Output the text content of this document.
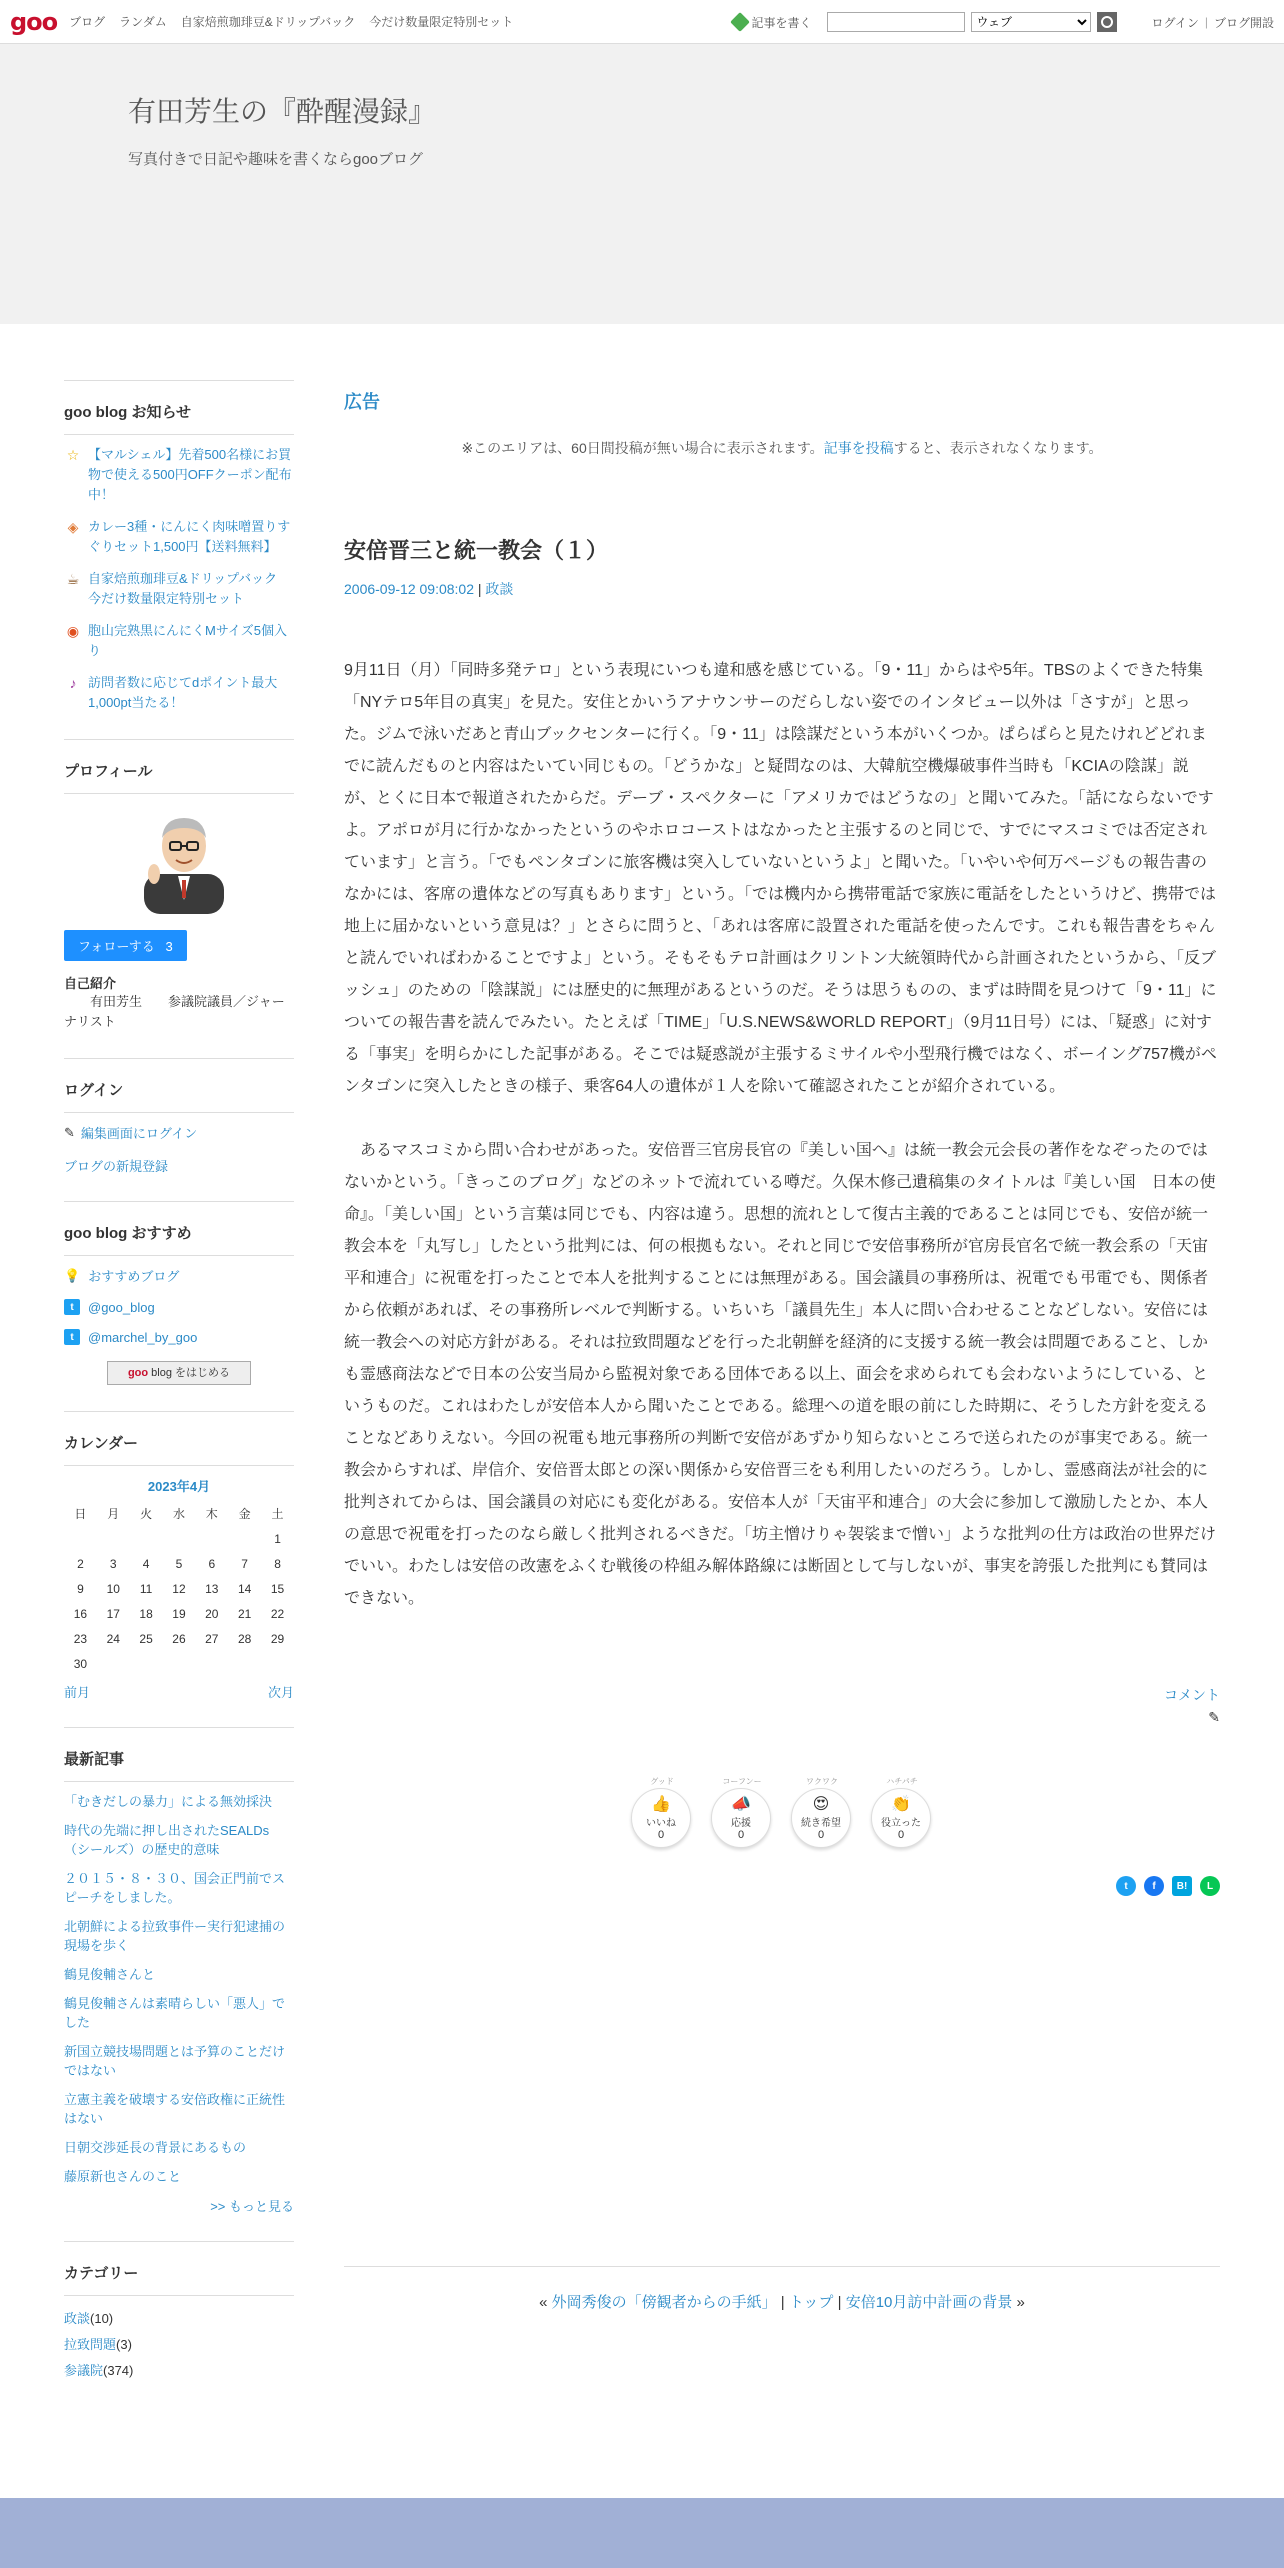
goo ブログ ランダム 自家焙煎珈琲豆&ドリップバック 今だけ数量限定特別セット	記事を書く
ウェブ	ログイン | ブログ開設
有田芳生の『酔醒漫録』
写真付きで日記や趣味を書くならgooブログ
goo blog お知らせ
☆ 【マルシェル】先着500名様にお買物で使える500円OFFクーポン配布中！
◈ カレー3種・にんにく肉味噌置りすぐりセット1,500円【送料無料】
☕ 自家焙煎珈琲豆&ドリップバック　今だけ数量限定特別セット
◉ 胞山完熟黒にんにくMサイズ5個入り
♪ 訪問者数に応じてdポイント最大1,000pt当たる！
プロフィール
フォローする 3
自己紹介
　　有田芳生　　参議院議員／ジャーナリスト
ログイン
✎ 編集画面にログイン
ブログの新規登録
goo blog おすすめ
💡 おすすめブログ
t	@goo_blog
t	@marchel_by_goo
goo blog をはじめる
カレンダー
2023年4月
日	月	火	水	木	金	土
						1
2	3	4	5	6	7	8
9	10	11	12	13	14	15
16	17	18	19	20	21	22
23	24	25	26	27	28	29
30						
前月	次月
最新記事
「むきだしの暴力」による無効採決
時代の先端に押し出されたSEALDs（シールズ）の歴史的意味
２０１５・８・３０、国会正門前でスピーチをしました。
北朝鮮による拉致事件ー実行犯逮捕の現場を歩く
鶴見俊輔さんと
鶴見俊輔さんは素晴らしい「悪人」でした
新国立競技場問題とは予算のことだけではない
立憲主義を破壊する安倍政権に正統性はない
日朝交渉延長の背景にあるもの
藤原新也さんのこと
>> もっと見る
カテゴリー
政談(10)
拉致問題(3)
参議院(374)
広告
※このエリアは、60日間投稿が無い場合に表示されます。記事を投稿すると、表示されなくなります。
安倍晋三と統一教会（１）
2006-09-12 09:08:02 | 政談

9月11日（月）「同時多発テロ」という表現にいつも違和感を感じている。「9・11」からはや5年。TBSのよくできた特集「NYテロ5年目の真実」を見た。安住とかいうアナウンサーのだらしない姿でのインタビュー以外は「さすが」と思った。ジムで泳いだあと青山ブックセンターに行く。「9・11」は陰謀だという本がいくつか。ぱらぱらと見たけれどどれまでに読んだものと内容はたいてい同じもの。「どうかな」と疑問なのは、大韓航空機爆破事件当時も「KCIAの陰謀」説が、とくに日本で報道されたからだ。デーブ・スペクターに「アメリカではどうなの」と聞いてみた。「話にならないですよ。アポロが月に行かなかったというのやホロコーストはなかったと主張するのと同じで、すでにマスコミでは否定されています」と言う。「でもペンタゴンに旅客機は突入していないというよ」と聞いた。「いやいや何万ページもの報告書のなかには、客席の遺体などの写真もあります」という。「では機内から携帯電話で家族に電話をしたというけど、携帯では地上に届かないという意見は？」とさらに問うと、「あれは客席に設置された電話を使ったんです。これも報告書をちゃんと読んでいればわかることですよ」という。そもそもテロ計画はクリントン大統領時代から計画されたというから、「反ブッシュ」のための「陰謀説」には歴史的に無理があるというのだ。そうは思うものの、まずは時間を見つけて「9・11」についての報告書を読んでみたい。たとえば「TIME」「U.S.NEWS&WORLD REPORT」（9月11日号）には、「疑惑」に対する「事実」を明らかにした記事がある。そこでは疑惑説が主張するミサイルや小型飛行機ではなく、ボーイング757機がペンタゴンに突入したときの様子、乗客64人の遺体が１人を除いて確認されたことが紹介されている。

　あるマスコミから問い合わせがあった。安倍晋三官房長官の『美しい国へ』は統一教会元会長の著作をなぞったのではないかという。「きっこのブログ」などのネットで流れている噂だ。久保木修己遺稿集のタイトルは『美しい国　日本の使命』。「美しい国」という言葉は同じでも、内容は違う。思想的流れとして復古主義的であることは同じでも、安倍が統一教会本を「丸写し」したという批判には、何の根拠もない。それと同じで安倍事務所が官房長官名で統一教会系の「天宙平和連合」に祝電を打ったことで本人を批判することには無理がある。国会議員の事務所は、祝電でも弔電でも、関係者から依頼があれば、その事務所レベルで判断する。いちいち「議員先生」本人に問い合わせることなどしない。安倍には統一教会への対応方針がある。それは拉致問題などを行った北朝鮮を経済的に支援する統一教会は問題であること、しかも霊感商法などで日本の公安当局から監視対象である団体である以上、面会を求められても会わないようにしている、というものだ。これはわたしが安倍本人から聞いたことである。総理への道を眼の前にした時期に、そうした方針を変えることなどありえない。今回の祝電も地元事務所の判断で安倍があずかり知らないところで送られたのが事実である。統一教会からすれば、岸信介、安倍晋太郎との深い関係から安倍晋三をも利用したいのだろう。しかし、霊感商法が社会的に批判されてからは、国会議員の対応にも変化がある。安倍本人が「天宙平和連合」の大会に参加して激励したとか、本人の意思で祝電を打ったのなら厳しく批判されるべきだ。「坊主憎けりゃ袈裟まで憎い」ような批判の仕方は政治の世界だけでいい。わたしは安倍の改憲をふくむ戦後の枠組み解体路線には断固として与しないが、事実を誇張した批判にも賛同はできない。

コメント
✎
グッド
👍
いいね
0
コーフンー
📣
応援
0
ワクワク
😍
続き希望
0
ハチパチ
👏
役立った
0
t	f	B!	L
« 外岡秀俊の「傍観者からの手紙」 | トップ | 安倍10月訪中計画の背景 »
